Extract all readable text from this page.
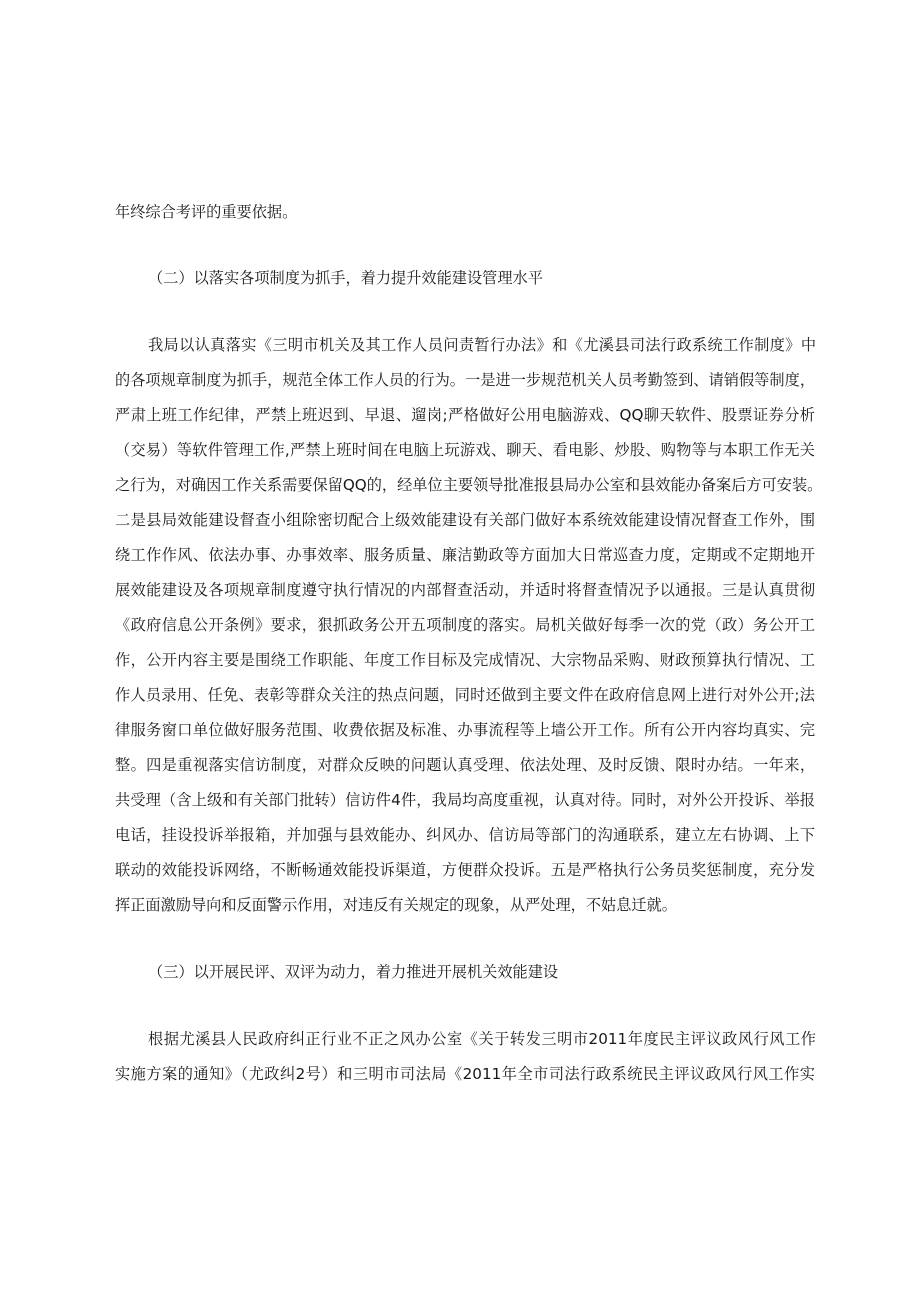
年终综合考评的重要依据。
（二）以落实各项制度为抓手，着力提升效能建设管理水平
我局以认真落实《三明市机关及其工作人员问责暂行办法》和《尤溪县司法行政系统工作制度》中
的各项规章制度为抓手，规范全体工作人员的行为。一是进一步规范机关人员考勤签到、请销假等制度，
严肃上班工作纪律，严禁上班迟到、早退、遛岗;严格做好公用电脑游戏、QQ聊天软件、股票证券分析
（交易）等软件管理工作,严禁上班时间在电脑上玩游戏、聊天、看电影、炒股、购物等与本职工作无关
之行为，对确因工作关系需要保留QQ的，经单位主要领导批准报县局办公室和县效能办备案后方可安装。
二是县局效能建设督查小组除密切配合上级效能建设有关部门做好本系统效能建设情况督查工作外，围
绕工作作风、依法办事、办事效率、服务质量、廉洁勤政等方面加大日常巡查力度，定期或不定期地开
展效能建设及各项规章制度遵守执行情况的内部督查活动，并适时将督查情况予以通报。三是认真贯彻
《政府信息公开条例》要求，狠抓政务公开五项制度的落实。局机关做好每季一次的党（政）务公开工
作，公开内容主要是围绕工作职能、年度工作目标及完成情况、大宗物品采购、财政预算执行情况、工
作人员录用、任免、表彰等群众关注的热点问题，同时还做到主要文件在政府信息网上进行对外公开;法
律服务窗口单位做好服务范围、收费依据及标准、办事流程等上墙公开工作。所有公开内容均真实、完
整。四是重视落实信访制度，对群众反映的问题认真受理、依法处理、及时反馈、限时办结。一年来，
共受理（含上级和有关部门批转）信访件4件，我局均高度重视，认真对待。同时，对外公开投诉、举报
电话，挂设投诉举报箱，并加强与县效能办、纠风办、信访局等部门的沟通联系，建立左右协调、上下
联动的效能投诉网络，不断畅通效能投诉渠道，方便群众投诉。五是严格执行公务员奖惩制度，充分发
挥正面激励导向和反面警示作用，对违反有关规定的现象，从严处理，不姑息迁就。
（三）以开展民评、双评为动力，着力推进开展机关效能建设
根据尤溪县人民政府纠正行业不正之风办公室《关于转发三明市2011年度民主评议政风行风工作
实施方案的通知》（尤政纠2号）和三明市司法局《2011年全市司法行政系统民主评议政风行风工作实
